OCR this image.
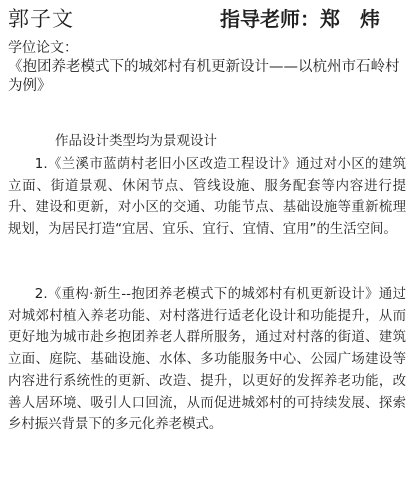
郭子文	指导老师：郑　炜
学位论文：
《抱团养老模式下的城郊村有机更新设计——以杭州市石岭村为例》
作品设计类型均为景观设计

1.《兰溪市蓝荫村老旧小区改造工程设计》通过对小区的建筑立面、街道景观、休闲节点、管线设施、服务配套等内容进行提升、建设和更新，对小区的交通、功能节点、基础设施等重新梳理规划，为居民打造“宜居、宜乐、宜行、宜情、宜用”的生活空间。

2.《重构·新生--抱团养老模式下的城郊村有机更新设计》通过对城郊村植入养老功能、对村落进行适老化设计和功能提升，从而更好地为城市赴乡抱团养老人群所服务，通过对村落的街道、建筑立面、庭院、基础设施、水体、多功能服务中心、公园广场建设等内容进行系统性的更新、改造、提升，以更好的发挥养老功能，改善人居环境、吸引人口回流，从而促进城郊村的可持续发展、探索乡村振兴背景下的多元化养老模式。
